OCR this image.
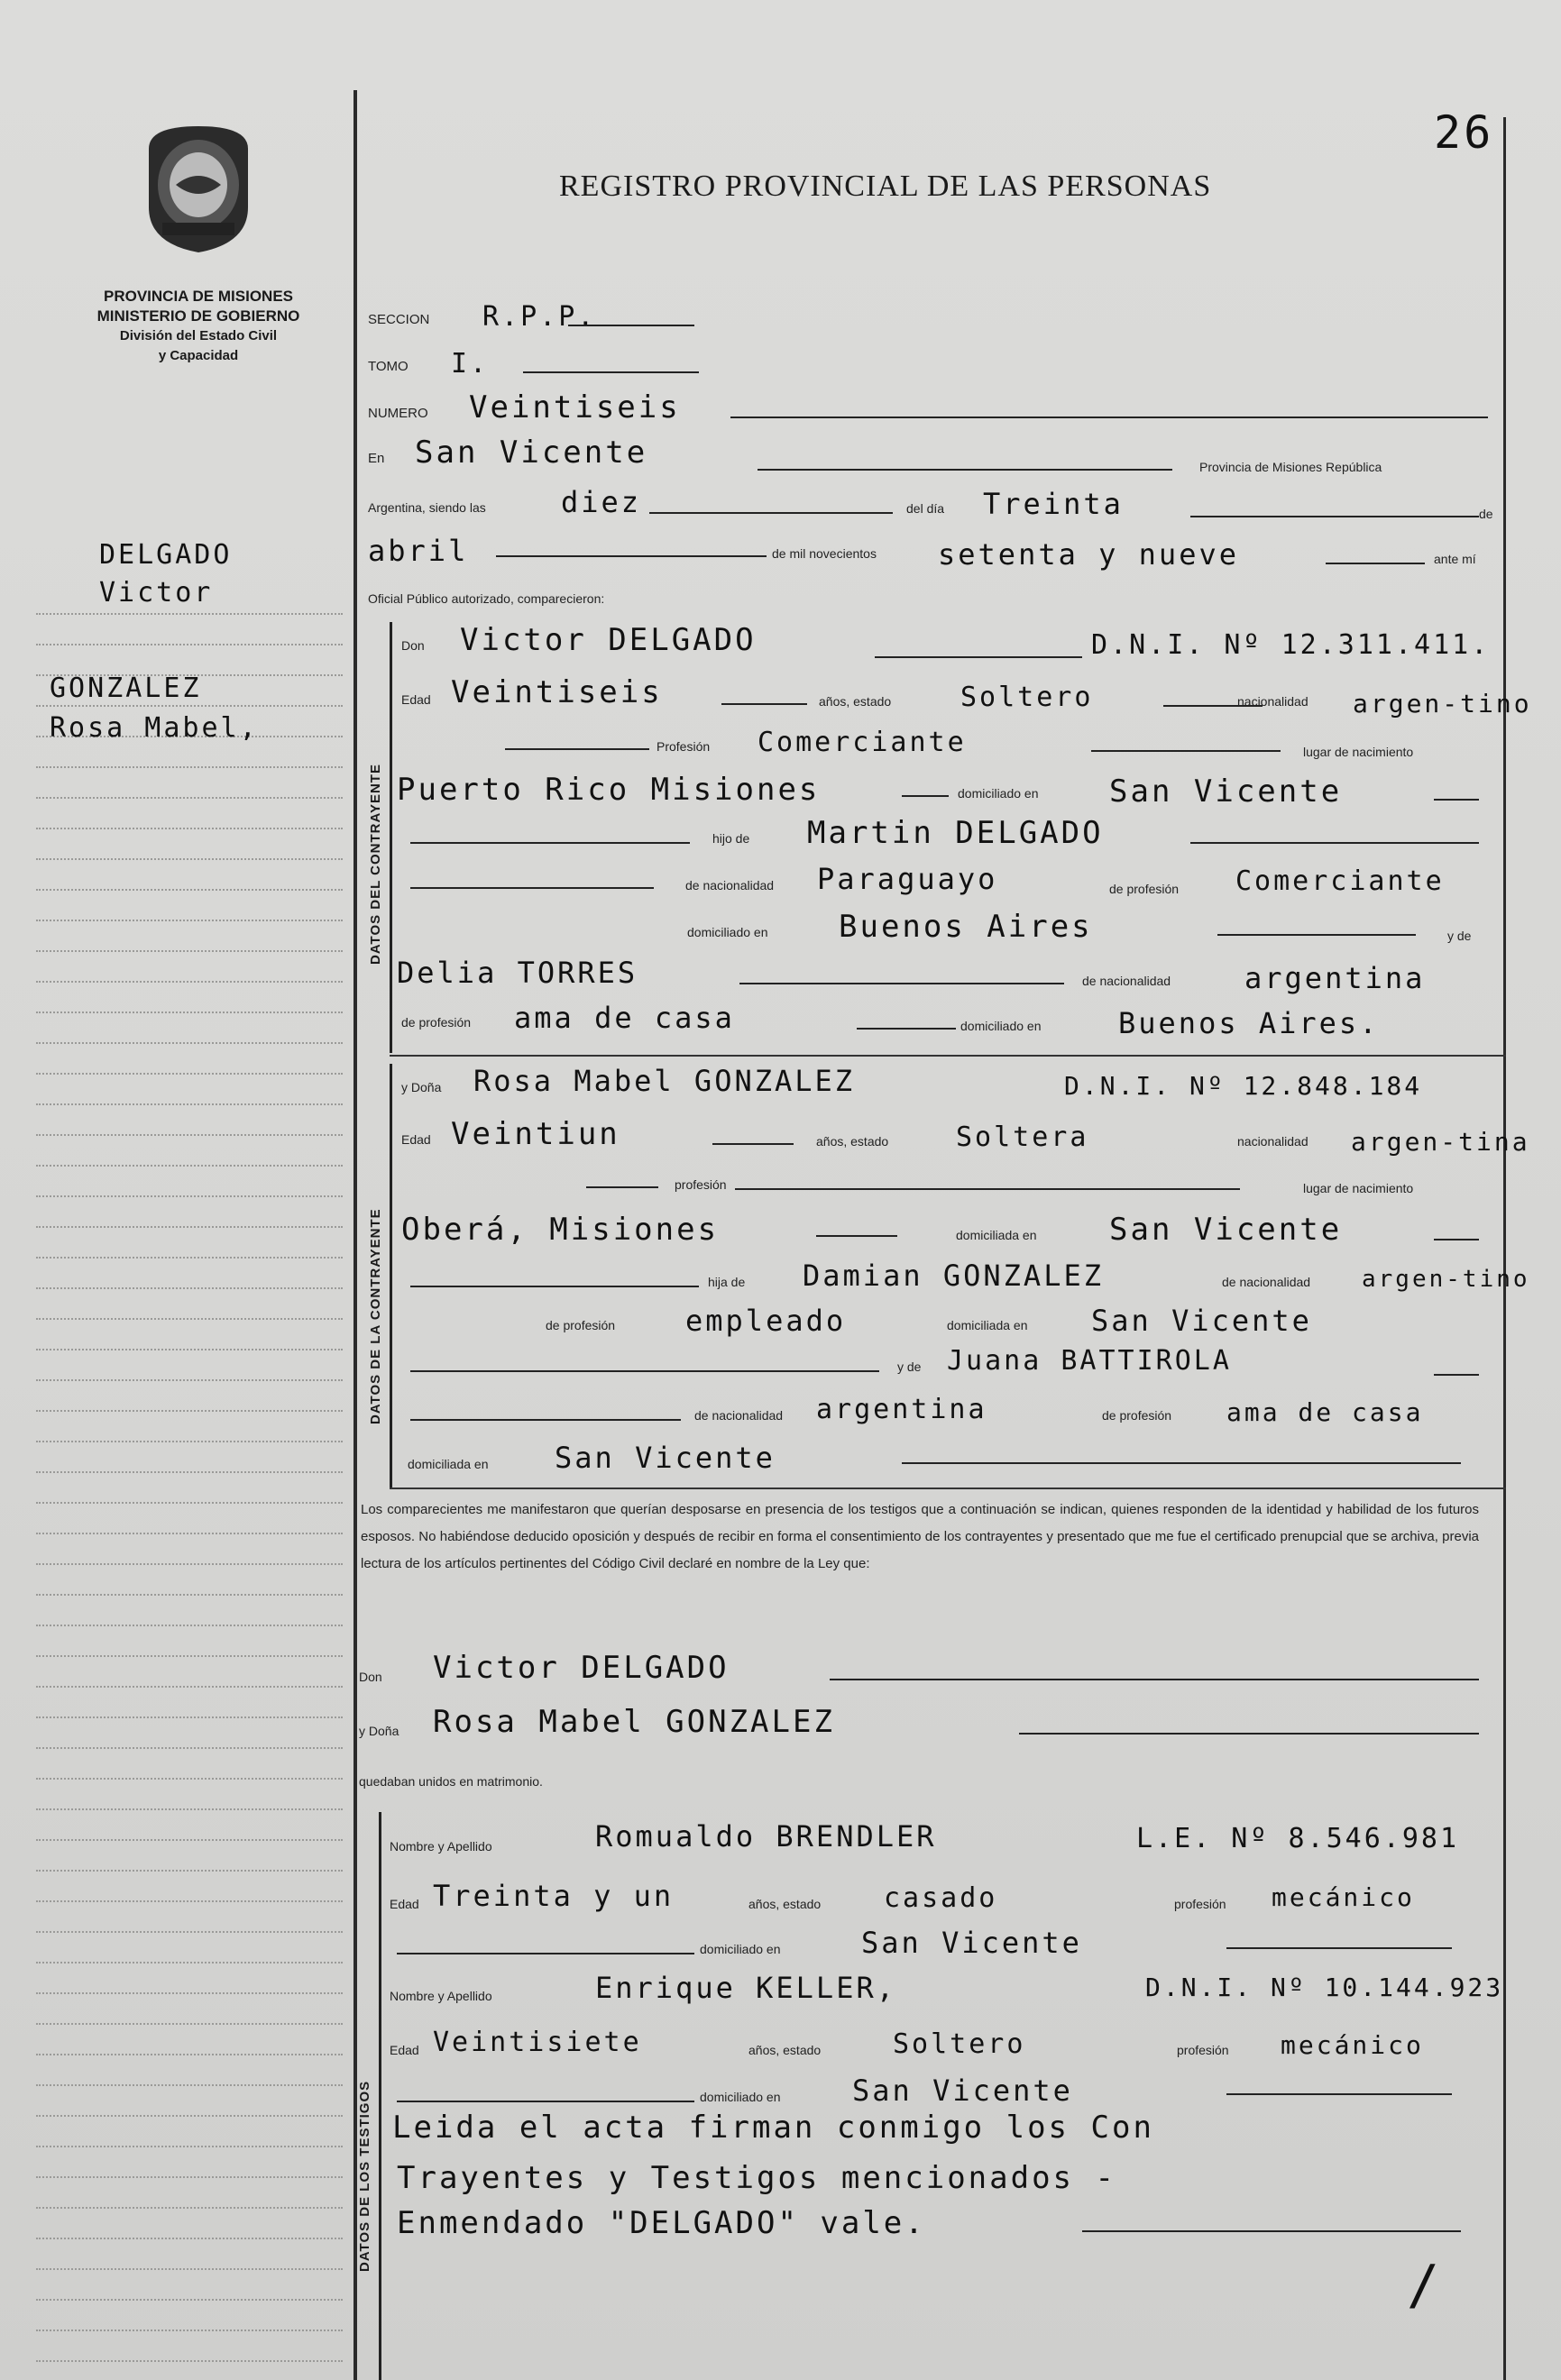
PROVINCIA DE MISIONES
MINISTERIO DE GOBIERNO
División del Estado Civil
y Capacidad
DELGADO
Victor
GONZALEZ
Rosa Mabel,
REGISTRO PROVINCIAL DE LAS PERSONAS
26
SECCION R.P.P.
TOMO I.
NUMERO Veintiseis
En San Vicente	Provincia de Misiones República
Argentina, siendo las	diez	del día Treinta	de
abril	de mil novecientos setenta y nueve	ante mí
Oficial Público autorizado, comparecieron:
DATOS DEL CONTRAYENTE
Don Victor DELGADO	D.N.I. Nº 12.311.411.
Edad Veintiseis	años, estado	Soltero	nacionalidad argen-tino
Profesión Comerciante	lugar de nacimiento
Puerto Rico Misiones	domiciliado en San Vicente
hijo de Martin DELGADO
de nacionalidad Paraguayo	de profesión Comerciante
domiciliado en Buenos Aires	y de
Delia TORRES	de nacionalidad	argentina
de profesión ama de casa	domiciliado en	Buenos Aires.
DATOS DE LA CONTRAYENTE
y Doña Rosa Mabel GONZALEZ	D.N.I. Nº 12.848.184
Edad Veintiun	años, estado Soltera	nacionalidad argen-tina
profesión	lugar de nacimiento
Oberá, Misiones	domiciliada en San Vicente
hija de Damian GONZALEZ	de nacionalidad argen-tino
de profesión empleado	domiciliada en San Vicente
y de Juana BATTIROLA
de nacionalidad argentina	de profesión ama de casa
domiciliada en San Vicente
Los comparecientes me manifestaron que querían desposarse en presencia de los testigos que a continuación se indican, quienes responden de la identidad y habilidad de los futuros esposos. No habiéndose deducido oposición y después de recibir en forma el consentimiento de los contrayentes y presentado que me fue el certificado prenupcial que se archiva, previa lectura de los artículos pertinentes del Código Civil declaré en nombre de la Ley que:
Don Victor DELGADO
y Doña Rosa Mabel GONZALEZ
quedaban unidos en matrimonio.
DATOS DE LOS TESTIGOS
Nombre y Apellido	Romualdo BRENDLER	L.E. Nº 8.546.981
Edad Treinta y un	años, estado casado	profesión mecánico
domiciliado en	San Vicente
Nombre y Apellido	Enrique KELLER,	D.N.I. Nº 10.144.923
Edad Veintisiete	años, estado	Soltero	profesión mecánico
domiciliado en San Vicente
Leida el acta firman conmigo los Con
Trayentes y Testigos mencionados -
Enmendado "DELGADO" vale.
/
